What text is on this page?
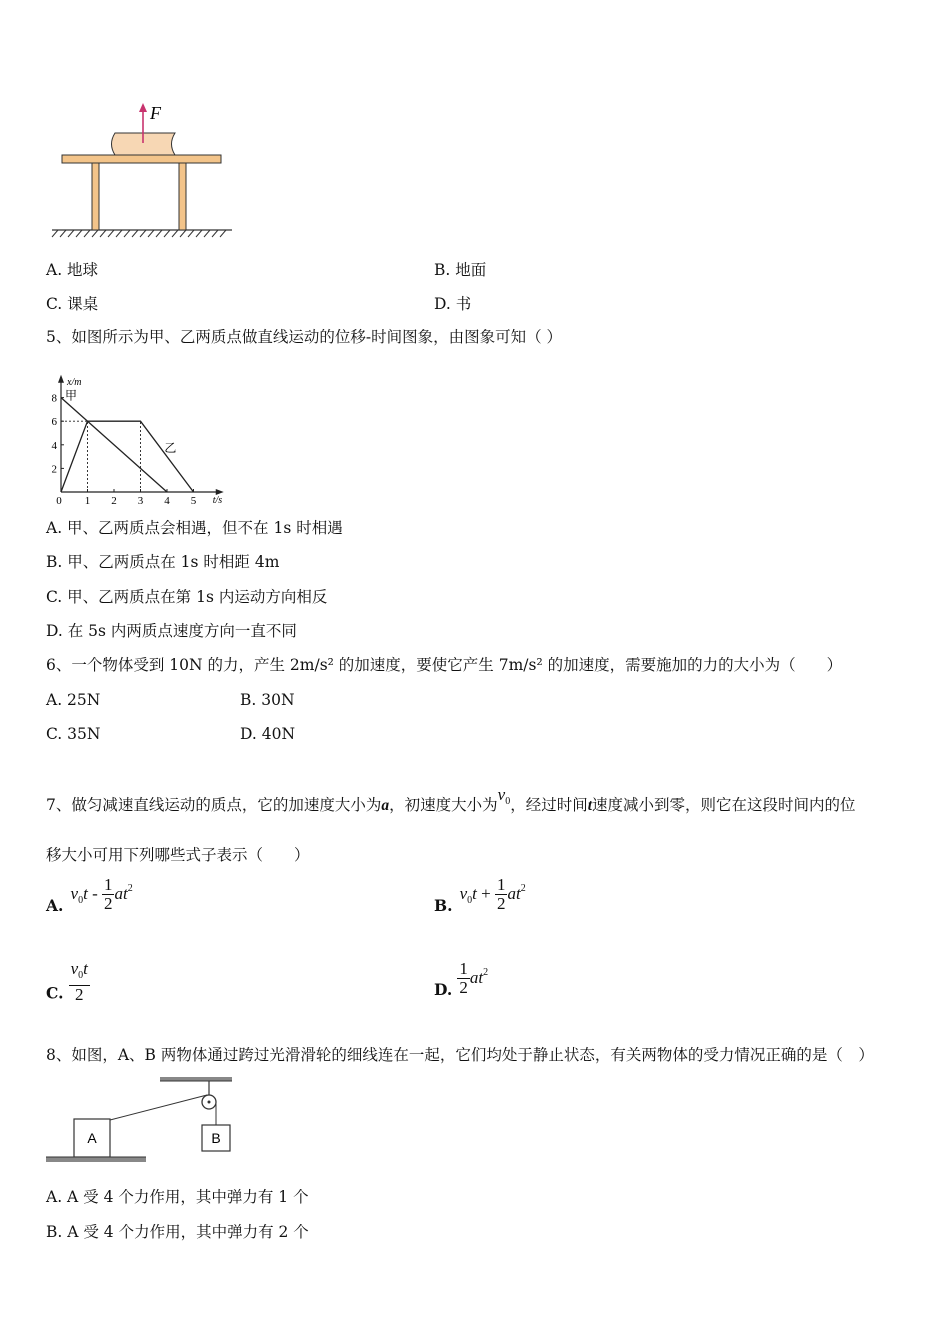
F
A. 地球	B. 地面
C. 课桌	D. 书
5、如图所示为甲、乙两质点做直线运动的位移-时间图象，由图象可知（ ）
x/m
t/s
0 1 2 3 4 5
2
4
6
8 甲
乙
A. 甲、乙两质点会相遇，但不在 1s 时相遇
B. 甲、乙两质点在 1s 时相距 4m
C. 甲、乙两质点在第 1s 内运动方向相反
D. 在 5s 内两质点速度方向一直不同
6、一个物体受到 10N 的力，产生 2m/s² 的加速度，要使它产生 7m/s² 的加速度，需要施加的力的大小为（　　）
A. 25N	B. 30N
C. 35N	D. 40N
7、做匀减速直线运动的质点，它的加速度大小为a，初速度大小为$v_0$，经过时间t速度减小到零，则它在这段时间内的位
移大小可用下列哪些式子表示（　　）
A. $v_0t - \frac{1}{2} at^2$
B. $v_0t + \frac{1}{2} at^2$
C. $\frac{v_0t}{2}$	D. $\frac{1}{2} at^2$
8、如图，A、B 两物体通过跨过光滑滑轮的细线连在一起，它们均处于静止状态，有关两物体的受力情况正确的是（　）
B
A
A. A 受 4 个力作用，其中弹力有 1 个
B. A 受 4 个力作用，其中弹力有 2 个
